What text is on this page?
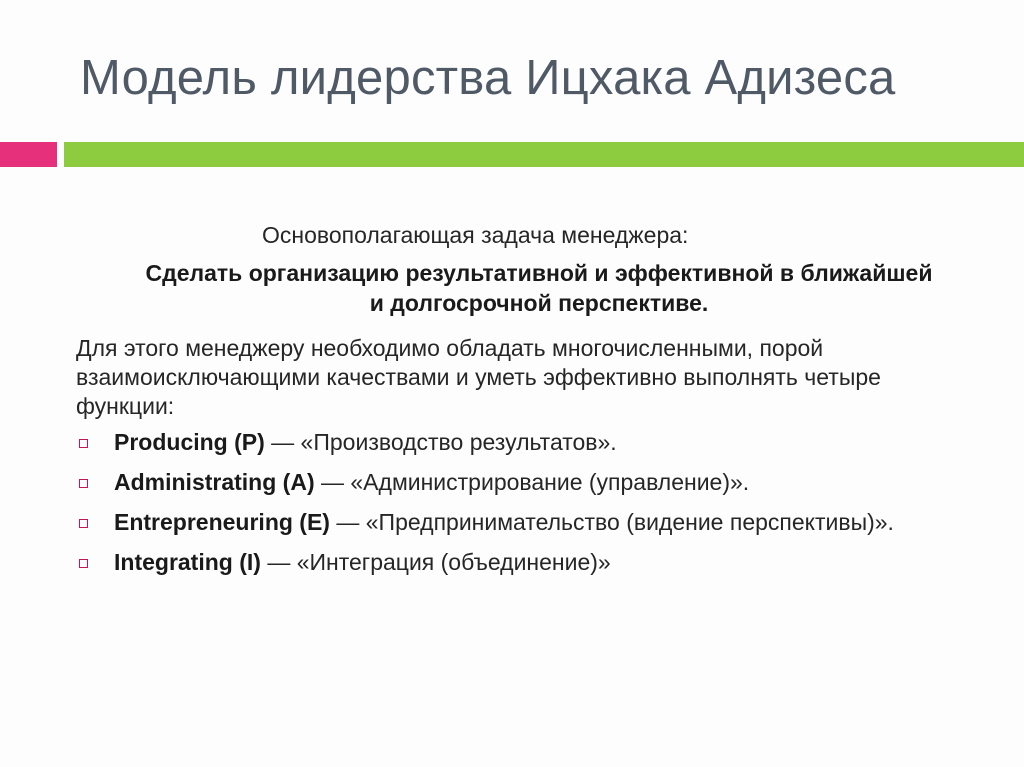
Модель лидерства Ицхака Адизеса
Основополагающая задача менеджера:
Сделать организацию результативной и эффективной в ближайшей и долгосрочной перспективе.
Для этого менеджеру необходимо обладать многочисленными, порой взаимоисключающими качествами и уметь эффективно выполнять четыре функции:
Producing (P) — «Производство результатов».
Administrating (A) — «Администрирование (управление)».
Entrepreneuring (E) — «Предпринимательство (видение перспективы)».
Integrating (I) — «Интеграция (объединение)»
